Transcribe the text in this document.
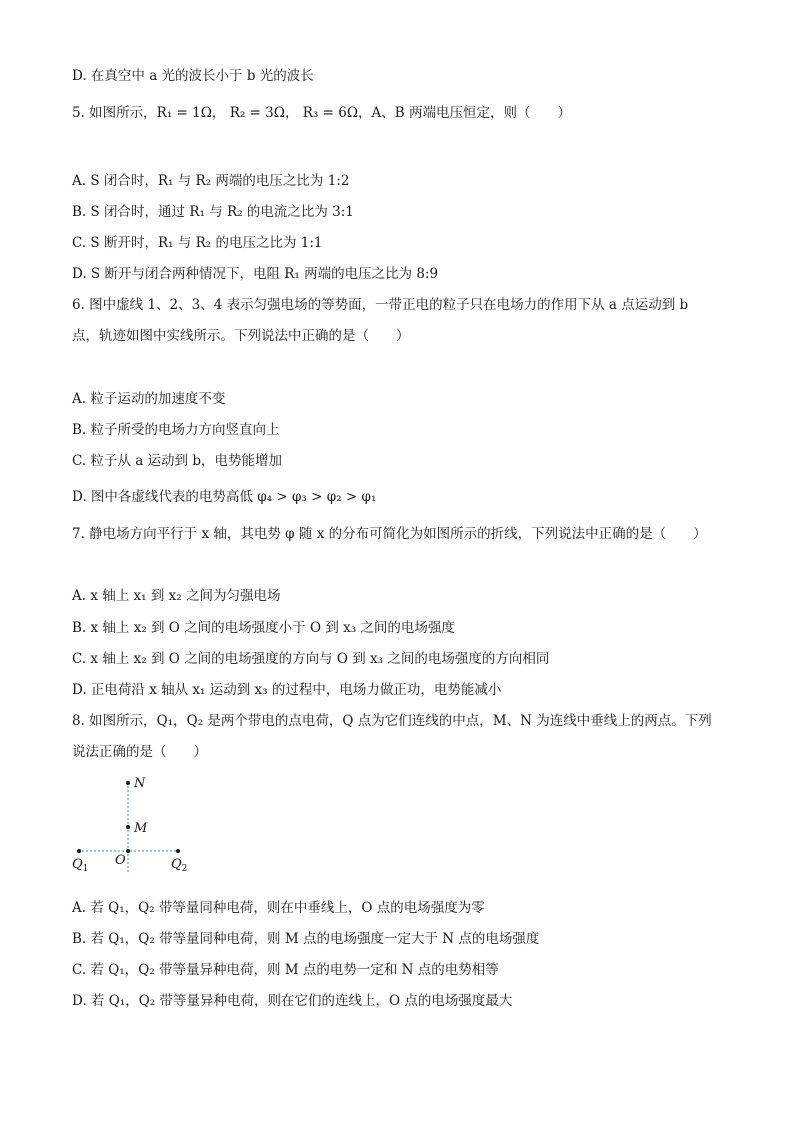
D. 在真空中 a 光的波长小于 b 光的波长
5. 如图所示，R₁ = 1Ω， R₂ = 3Ω， R₃ = 6Ω，A、B 两端电压恒定，则（　　）
A. S 闭合时，R₁ 与 R₂ 两端的电压之比为 1:2
B. S 闭合时，通过 R₁ 与 R₂ 的电流之比为 3:1
C. S 断开时，R₁ 与 R₂ 的电压之比为 1:1
D. S 断开与闭合两种情况下，电阻 R₁ 两端的电压之比为 8:9
6. 图中虚线 1、2、3、4 表示匀强电场的等势面，一带正电的粒子只在电场力的作用下从 a 点运动到 b
点，轨迹如图中实线所示。下列说法中正确的是（　　）
A. 粒子运动的加速度不变
B. 粒子所受的电场力方向竖直向上
C. 粒子从 a 运动到 b，电势能增加
D. 图中各虚线代表的电势高低 φ₄ > φ₃ > φ₂ > φ₁
7. 静电场方向平行于 x 轴，其电势 φ 随 x 的分布可简化为如图所示的折线，下列说法中正确的是（　　）
A. x 轴上 x₁ 到 x₂ 之间为匀强电场
B. x 轴上 x₂ 到 O 之间的电场强度小于 O 到 x₃ 之间的电场强度
C. x 轴上 x₂ 到 O 之间的电场强度的方向与 O 到 x₃ 之间的电场强度的方向相同
D. 正电荷沿 x 轴从 x₁ 运动到 x₃ 的过程中，电场力做正功，电势能减小
8. 如图所示，Q₁，Q₂ 是两个带电的点电荷，Q 点为它们连线的中点，M、N 为连线中垂线上的两点。下列
说法正确的是（　　）
N
M
O
$Q_1$	$Q_2$
A. 若 Q₁，Q₂ 带等量同种电荷，则在中垂线上，O 点的电场强度为零
B. 若 Q₁，Q₂ 带等量同种电荷，则 M 点的电场强度一定大于 N 点的电场强度
C. 若 Q₁，Q₂ 带等量异种电荷，则 M 点的电势一定和 N 点的电势相等
D. 若 Q₁，Q₂ 带等量异种电荷，则在它们的连线上，O 点的电场强度最大
